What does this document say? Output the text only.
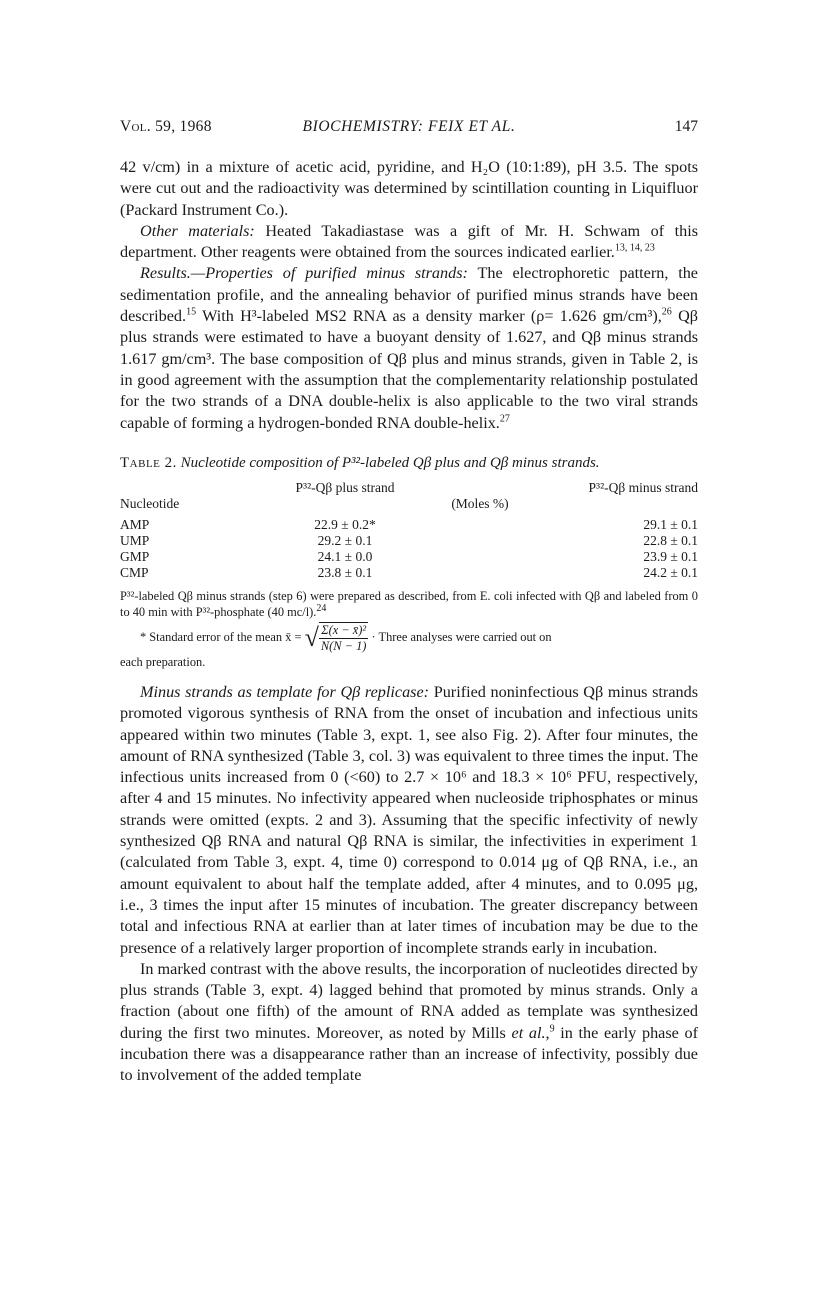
Vol. 59, 1968	BIOCHEMISTRY: FEIX ET AL.	147

42 v/cm) in a mixture of acetic acid, pyridine, and H₂O (10:1:89), pH 3.5. The spots were cut out and the radioactivity was determined by scintillation counting in Liquifluor (Packard Instrument Co.).

Other materials: Heated Takadiastase was a gift of Mr. H. Schwam of this department. Other reagents were obtained from the sources indicated earlier.$^{13, 14, 23}$

Results.—Properties of purified minus strands: The electrophoretic pattern, the sedimentation profile, and the annealing behavior of purified minus strands have been described.$^{15}$ With H³-labeled MS2 RNA as a density marker (ρ= 1.626 gm/cm³),$^{26}$ Qβ plus strands were estimated to have a buoyant density of 1.627, and Qβ minus strands 1.617 gm/cm³. The base composition of Qβ plus and minus strands, given in Table 2, is in good agreement with the assumption that the complementarity relationship postulated for the two strands of a DNA double-helix is also applicable to the two viral strands capable of forming a hydrogen-bonded RNA double-helix.$^{27}$

Table 2. Nucleotide composition of P³²-labeled Qβ plus and Qβ minus strands.
	P³²-Qβ plus strand		P³²-Qβ minus strand
Nucleotide		(Moles %)	

AMP	22.9 ± 0.2*		29.1 ± 0.1
UMP	29.2 ± 0.1		22.8 ± 0.1
GMP	24.1 ± 0.0		23.9 ± 0.1
CMP	23.8 ± 0.1		24.2 ± 0.1

P³²-labeled Qβ minus strands (step 6) were prepared as described, from E. coli infected with Qβ and labeled from 0 to 40 min with P³²-phosphate (40 mc/l).$^{24}$

* Standard error of the mean x̄ = √ $\frac{\text{Σ(x − x̄)²}}{N(N - 1)}$ · Three analyses were carried out on

each preparation.

Minus strands as template for Qβ replicase: Purified noninfectious Qβ minus strands promoted vigorous synthesis of RNA from the onset of incubation and infectious units appeared within two minutes (Table 3, expt. 1, see also Fig. 2). After four minutes, the amount of RNA synthesized (Table 3, col. 3) was equivalent to three times the input. The infectious units increased from 0 (<60) to 2.7 × 10⁶ and 18.3 × 10⁶ PFU, respectively, after 4 and 15 minutes. No infectivity appeared when nucleoside triphosphates or minus strands were omitted (expts. 2 and 3). Assuming that the specific infectivity of newly synthesized Qβ RNA and natural Qβ RNA is similar, the infectivities in experiment 1 (calculated from Table 3, expt. 4, time 0) correspond to 0.014 μg of Qβ RNA, i.e., an amount equivalent to about half the template added, after 4 minutes, and to 0.095 μg, i.e., 3 times the input after 15 minutes of incubation. The greater discrepancy between total and infectious RNA at earlier than at later times of incubation may be due to the presence of a relatively larger proportion of incomplete strands early in incubation.

In marked contrast with the above results, the incorporation of nucleotides directed by plus strands (Table 3, expt. 4) lagged behind that promoted by minus strands. Only a fraction (about one fifth) of the amount of RNA added as template was synthesized during the first two minutes. Moreover, as noted by Mills et al.,$^9$ in the early phase of incubation there was a disappearance rather than an increase of infectivity, possibly due to involvement of the added template
